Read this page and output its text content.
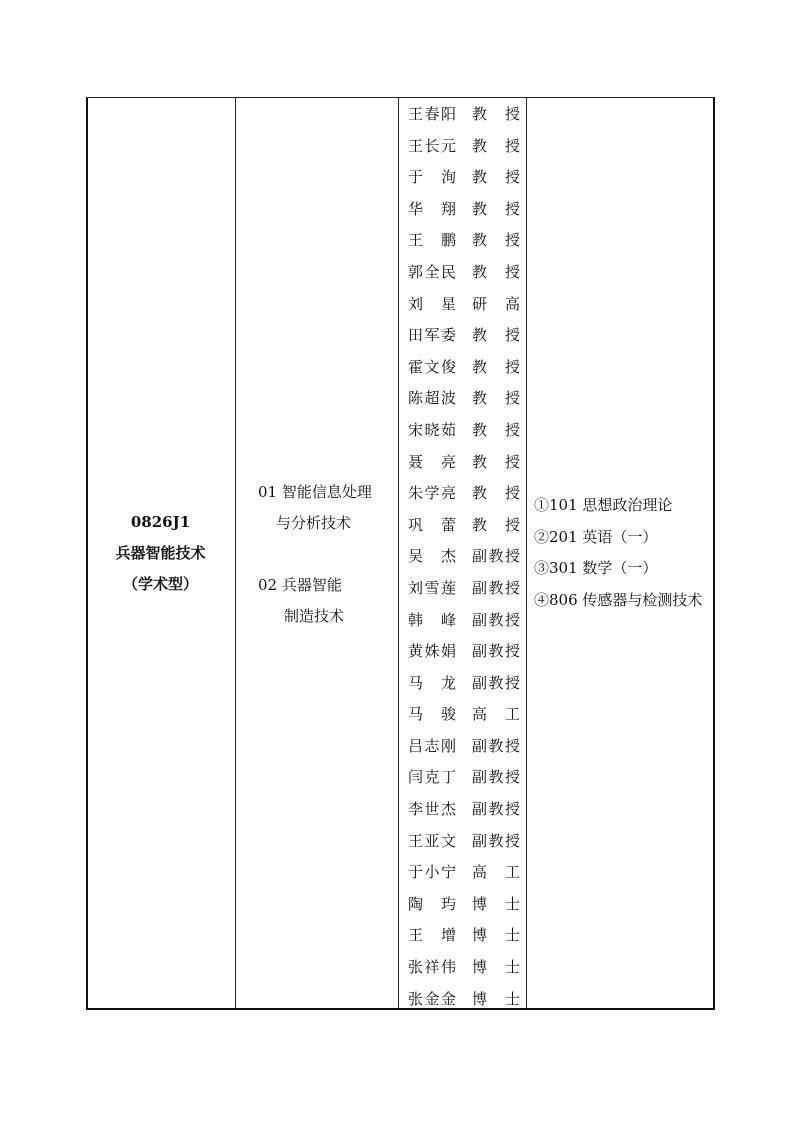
0826J1
兵器智能技术
（学术型）
01 智能信息处理
与分析技术
02 兵器智能
制造技术
王春阳 教授
王长元 教授
于洵 教授
华翔 教授
王鹏 教授
郭全民 教授
刘星 研高
田军委 教授
霍文俊 教授
陈超波 教授
宋晓茹 教授
聂亮 教授
朱学亮 教授
巩蕾 教授
吴杰 副教授
刘雪莲 副教授
韩峰 副教授
黄姝娟 副教授
马龙 副教授
马骏 高工
吕志刚 副教授
闫克丁 副教授
李世杰 副教授
王亚文 副教授
于小宁 高工
陶玙 博士
王增 博士
张祥伟 博士
张金金 博士
①101 思想政治理论
②201 英语（一）
③301 数学（一）
④806 传感器与检测技术
